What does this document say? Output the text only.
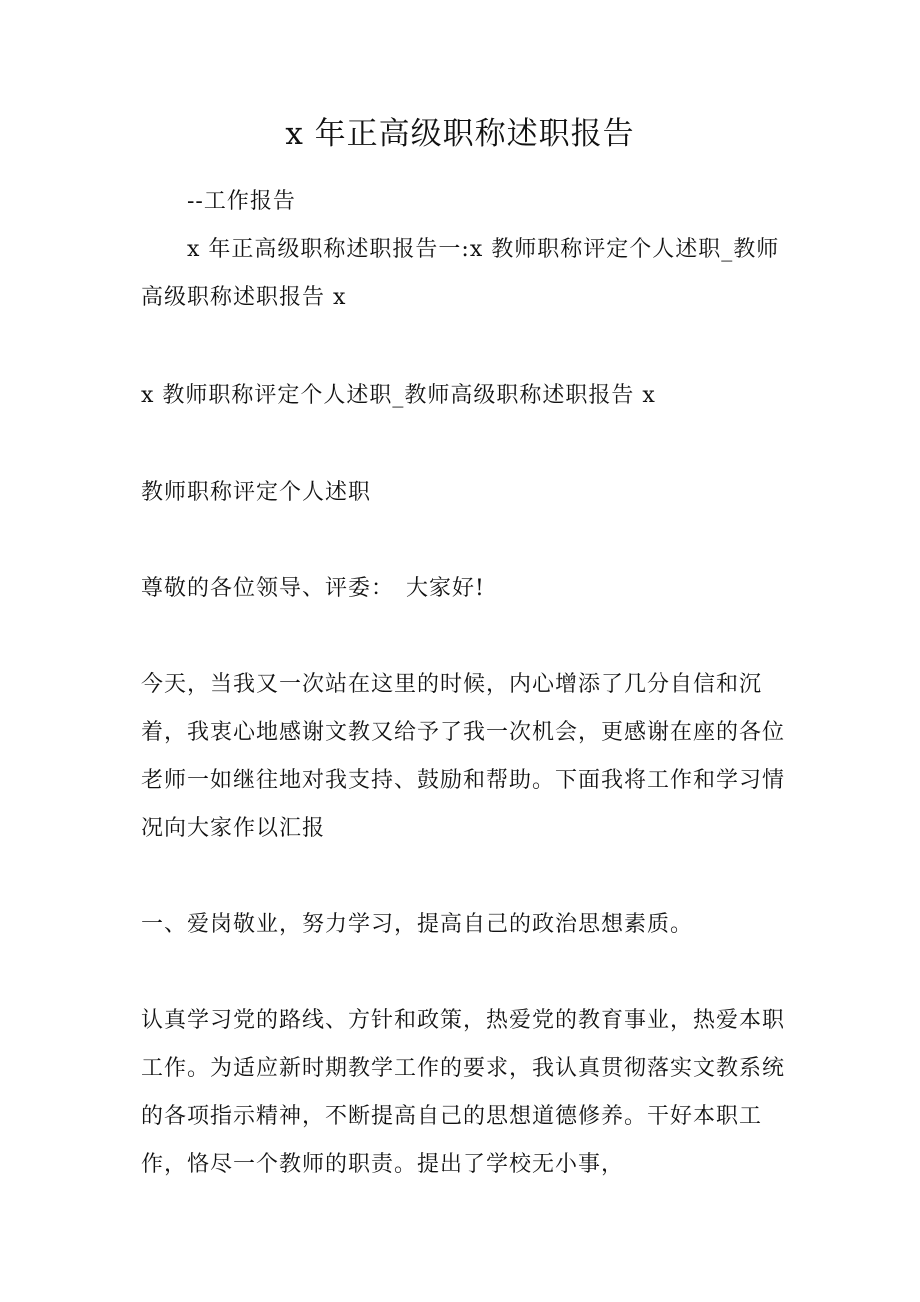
x 年正高级职称述职报告

--工作报告

x 年正高级职称述职报告一:x 教师职称评定个人述职_教师高级职称述职报告 x

x 教师职称评定个人述职_教师高级职称述职报告 x

教师职称评定个人述职

尊敬的各位领导、评委：　大家好!

今天，当我又一次站在这里的时候，内心增添了几分自信和沉着，我衷心地感谢文教又给予了我一次机会，更感谢在座的各位老师一如继往地对我支持、鼓励和帮助。下面我将工作和学习情况向大家作以汇报

一、爱岗敬业，努力学习，提高自己的政治思想素质。

认真学习党的路线、方针和政策，热爱党的教育事业，热爱本职工作。为适应新时期教学工作的要求，我认真贯彻落实文教系统的各项指示精神，不断提高自己的思想道德修养。干好本职工作，恪尽一个教师的职责。提出了学校无小事，
